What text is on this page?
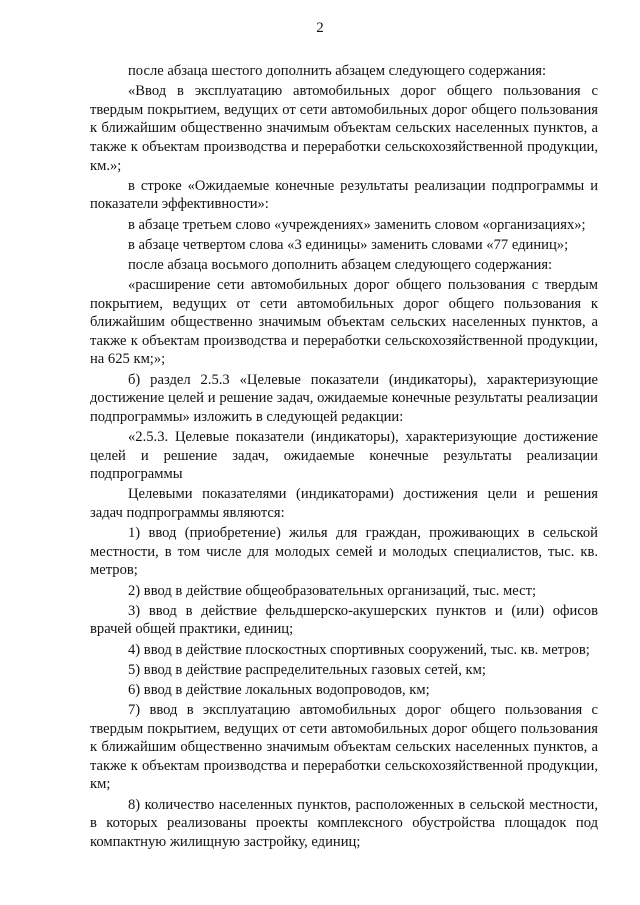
2

после абзаца шестого дополнить абзацем следующего содержания:

«Ввод в эксплуатацию автомобильных дорог общего пользования с твердым покрытием, ведущих от сети автомобильных дорог общего пользования к ближайшим общественно значимым объектам сельских населенных пунктов, а также к объектам производства и переработки сельскохозяйственной продукции, км.»;

в строке «Ожидаемые конечные результаты реализации подпрограммы и показатели эффективности»:

в абзаце третьем слово «учреждениях» заменить словом «организациях»;

в абзаце четвертом слова «3 единицы» заменить словами «77 единиц»;

после абзаца восьмого дополнить абзацем следующего содержания:

«расширение сети автомобильных дорог общего пользования с твердым покрытием, ведущих от сети автомобильных дорог общего пользования к ближайшим общественно значимым объектам сельских населенных пунктов, а также к объектам производства и переработки сельскохозяйственной продукции, на 625 км;»;

б) раздел 2.5.3 «Целевые показатели (индикаторы), характеризующие достижение целей и решение задач, ожидаемые конечные результаты реализации подпрограммы» изложить в следующей редакции:

«2.5.3. Целевые показатели (индикаторы), характеризующие достижение целей и решение задач, ожидаемые конечные результаты реализации подпрограммы

Целевыми показателями (индикаторами) достижения цели и решения задач подпрограммы являются:

1) ввод (приобретение) жилья для граждан, проживающих в сельской местности, в том числе для молодых семей и молодых специалистов, тыс. кв. метров;

2) ввод в действие общеобразовательных организаций, тыс. мест;

3) ввод в действие фельдшерско-акушерских пунктов и (или) офисов врачей общей практики, единиц;

4) ввод в действие плоскостных спортивных сооружений, тыс. кв. метров;

5) ввод в действие распределительных газовых сетей, км;

6) ввод в действие локальных водопроводов, км;

7) ввод в эксплуатацию автомобильных дорог общего пользования с твердым покрытием, ведущих от сети автомобильных дорог общего пользования к ближайшим общественно значимым объектам сельских населенных пунктов, а также к объектам производства и переработки сельскохозяйственной продукции, км;

8) количество населенных пунктов, расположенных в сельской местности, в которых реализованы проекты комплексного обустройства площадок под компактную жилищную застройку, единиц;
